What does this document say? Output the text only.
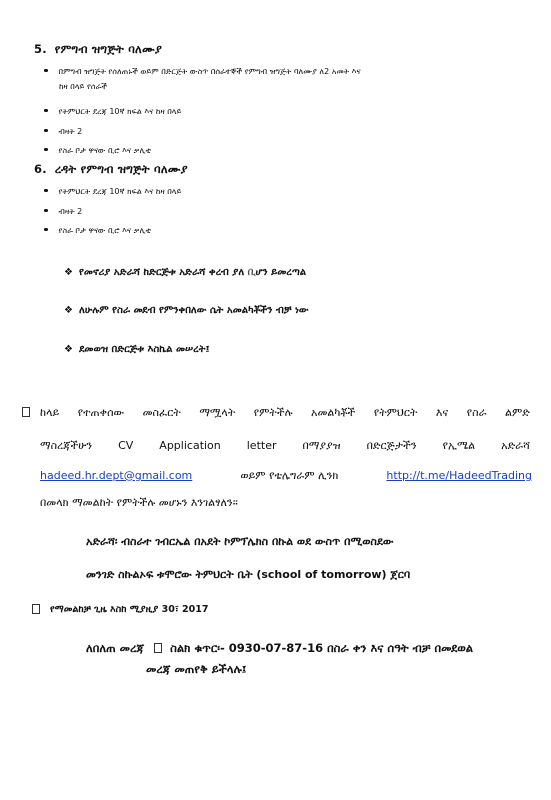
5. የምግብ ዝግጅት ባለሙያ
በምግብ ዝግጅት የሰለጠኑች ወይም በድርጅት ውስጥ በሰራተኞች የምግብ ዝግጅት ባለሙያ ለ2 አመት እና
ከዛ በላይ የሰራች
የትምህርት ደረጃ 10ኛ ክፍል እና ከዛ በላይ
ብዛት 2
የስራ ቦታ ዋናው ቢሮ እና ቃሊቲ
6. ረዳት የምግብ ዝግጅት ባለሙያ
የትምህርት ደረጃ 10ኛ ክፍል እና ከዛ በላይ
ብዛት 2
የስራ ቦታ ዋናው ቢሮ እና ቃሊቲ
❖ የመኖሪያ አድራሻ ከድርጅቱ አድራሻ ቀረብ ያለ ቢሆን ይመረጣል
❖ ለሁሉም የስራ መደብ የምንቀበለው ሴት አመልካቾችን ብቻ ነው
❖ ደመወዝ በድርጅቱ እስኬል መሠረት፤
ከላይ የተጠቀሰው መስፈርት ማሟላት የምትችሉ አመልካቾች የትምህርት እና የስራ ልምድ
ማስረጃችሁን CV Application letter በማያያዝ በድርጅታችን የኢሜል አድራሻ
hadeed.hr.dept@gmail.com	ወይም የቴሌግራም ሊንክ	http://t.me/HadeedTrading
በመላክ ማመልከት የምትችሉ መሆኑን እንገልፃለን፡፡
አድራሻ፡ ብስራተ ገብርኤል በአደት ኮምፕሌክስ በኩል ወደ ውስጥ በሚወስደው
መንገድ ስኩልኦፍ ቱሞሮው ትምህርት ቤት (school of tomorrow) ጀርባ
የማመልከቻ ጊዜ እስከ ሚያዚያ 30፣ 2017
ለበለጠ መረጃ ስልክ ቁጥር፡- 0930-07-87-16 በስራ ቀን እና ሰዓት ብቻ በመደወል
መረጃ መጠየቅ ይችላሉ፤
